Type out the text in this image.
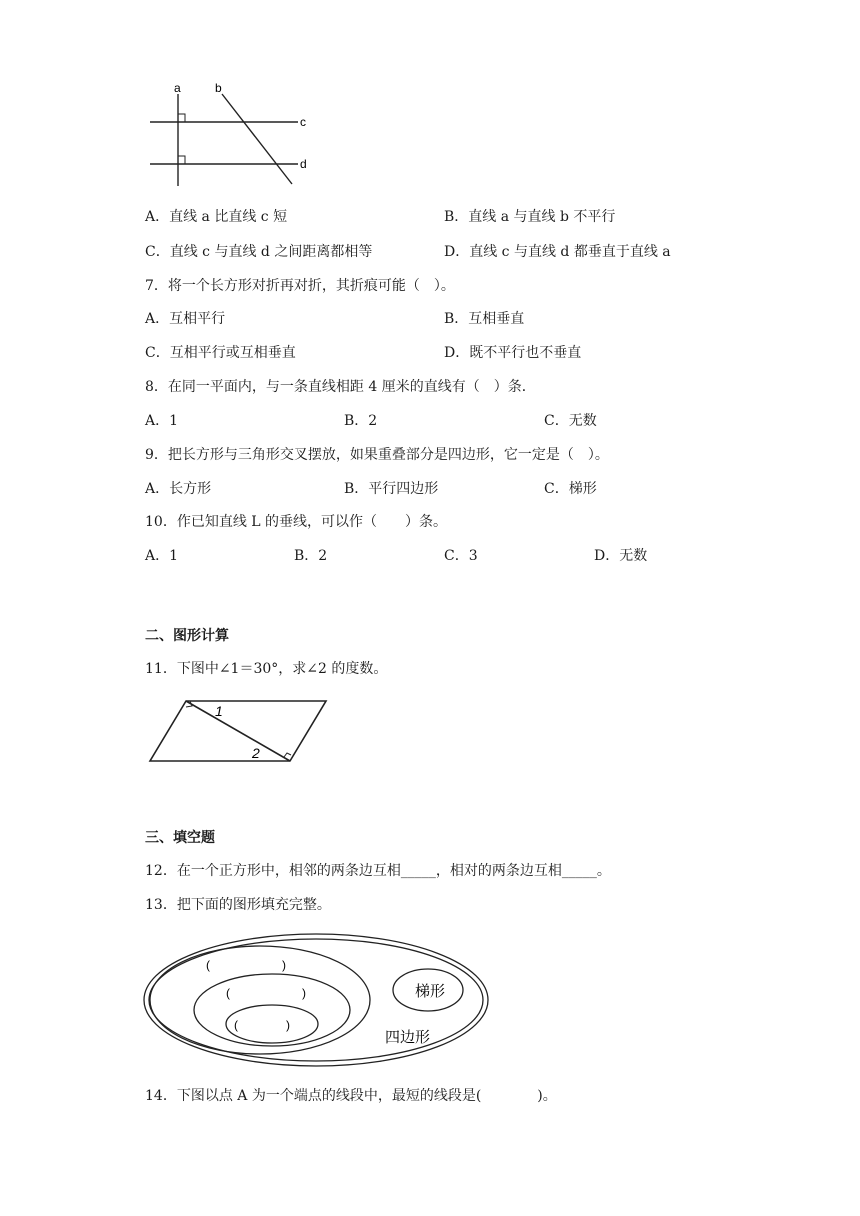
a	b
c
d
A．直线 a 比直线 c 短	B．直线 a 与直线 b 不平行
C．直线 c 与直线 d 之间距离都相等	D．直线 c 与直线 d 都垂直于直线 a
7．将一个长方形对折再对折，其折痕可能（　）。
A．互相平行	B．互相垂直
C．互相平行或互相垂直	D．既不平行也不垂直
8．在同一平面内，与一条直线相距 4 厘米的直线有（　）条．
A．1	B．2	C．无数
9．把长方形与三角形交叉摆放，如果重叠部分是四边形，它一定是（　）。
A．长方形	B．平行四边形	C．梯形
10．作已知直线 L 的垂线，可以作（　　）条。
A．1	B．2	C．3	D．无数
二、图形计算
11．下图中∠1＝30°，求∠2 的度数。
1
2
三、填空题
12．在一个正方形中，相邻的两条边互相_____，相对的两条边互相_____。
13．把下面的图形填充完整。
(　　　　　　)
(　　　　　　)
(　　　　)
梯形
四边形
14．下图以点 A 为一个端点的线段中，最短的线段是(　　　　)。
